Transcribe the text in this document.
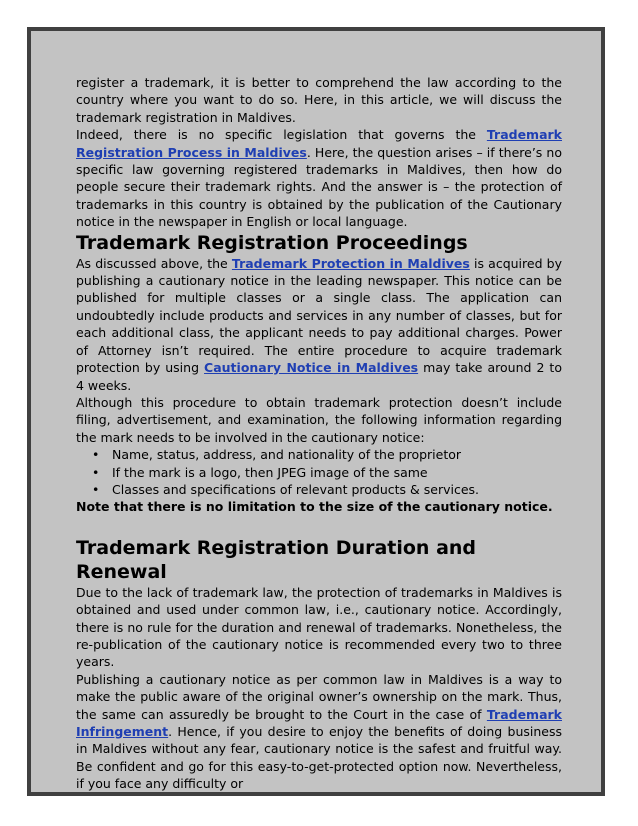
register a trademark, it is better to comprehend the law according to the country where you want to do so. Here, in this article, we will discuss the trademark registration in Maldives.

Indeed, there is no specific legislation that governs the Trademark Registration Process in Maldives. Here, the question arises – if there’s no specific law governing registered trademarks in Maldives, then how do people secure their trademark rights. And the answer is – the protection of trademarks in this country is obtained by the publication of the Cautionary notice in the newspaper in English or local language.

Trademark Registration Proceedings

As discussed above, the Trademark Protection in Maldives is acquired by publishing a cautionary notice in the leading newspaper. This notice can be published for multiple classes or a single class. The application can undoubtedly include products and services in any number of classes, but for each additional class, the applicant needs to pay additional charges. Power of Attorney isn’t required. The entire procedure to acquire trademark protection by using Cautionary Notice in Maldives may take around 2 to 4 weeks.

Although this procedure to obtain trademark protection doesn’t include filing, advertisement, and examination, the following information regarding the mark needs to be involved in the cautionary notice:

• Name, status, address, and nationality of the proprietor
• If the mark is a logo, then JPEG image of the same
• Classes and specifications of relevant products & services.

Note that there is no limitation to the size of the cautionary notice.

Trademark Registration Duration and Renewal

Due to the lack of trademark law, the protection of trademarks in Maldives is obtained and used under common law, i.e., cautionary notice. Accordingly, there is no rule for the duration and renewal of trademarks. Nonetheless, the re-publication of the cautionary notice is recommended every two to three years.

Publishing a cautionary notice as per common law in Maldives is a way to make the public aware of the original owner’s ownership on the mark. Thus, the same can assuredly be brought to the Court in the case of Trademark Infringement. Hence, if you desire to enjoy the benefits of doing business in Maldives without any fear, cautionary notice is the safest and fruitful way. Be confident and go for this easy-to-get-protected option now. Nevertheless, if you face any difficulty or
